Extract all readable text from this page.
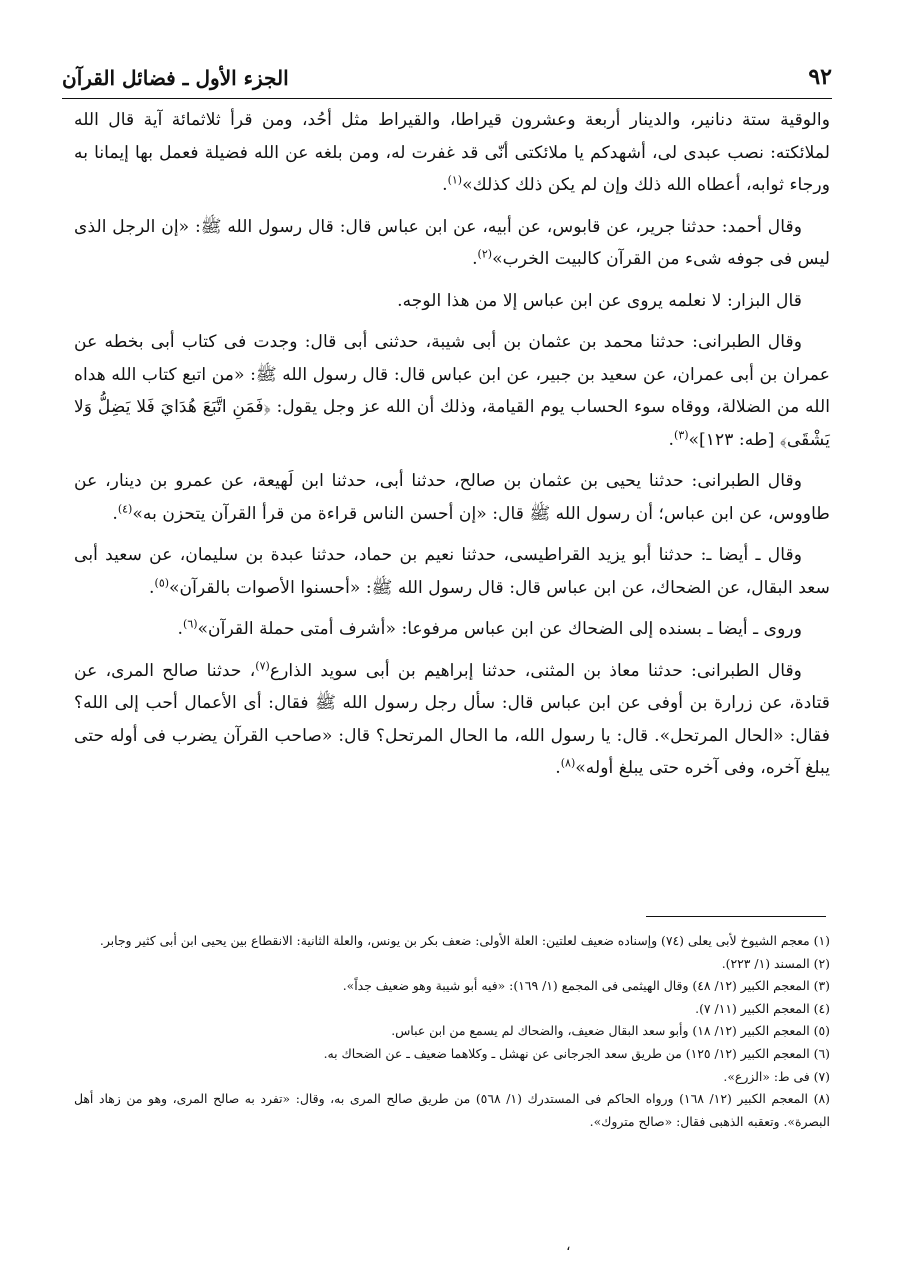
٩٢
الجزء الأول ـ فضائل القرآن

والوقية ستة دنانير، والدينار أربعة وعشرون قيراطا، والقيراط مثل أحُد، ومن قرأ ثلاثمائة آية قال الله لملائكته: نصب عبدى لى، أشهدكم يا ملائكتى أنّى قد غفرت له، ومن بلغه عن الله فضيلة فعمل بها إيمانا به ورجاء ثوابه، أعطاه الله ذلك وإن لم يكن ذلك كذلك»$^{(١)}$.

وقال أحمد: حدثنا جرير، عن قابوس، عن أبيه، عن ابن عباس قال: قال رسول الله ﷺ: «إن الرجل الذى ليس فى جوفه شىء من القرآن كالبيت الخرب»$^{(٢)}$.

قال البزار: لا نعلمه يروى عن ابن عباس إلا من هذا الوجه.

وقال الطبرانى: حدثنا محمد بن عثمان بن أبى شيبة، حدثنى أبى قال: وجدت فى كتاب أبى بخطه عن عمران بن أبى عمران، عن سعيد بن جبير، عن ابن عباس قال: قال رسول الله ﷺ: «من اتبع كتاب الله هداه الله من الضلالة، ووقاه سوء الحساب يوم القيامة، وذلك أن الله عز وجل يقول: ﴿فَمَنِ اتَّبَعَ هُدَايَ فَلا يَضِلُّ وَلا يَشْقَى﴾ [طه: ١٢٣]»$^{(٣)}$.

وقال الطبرانى: حدثنا يحيى بن عثمان بن صالح، حدثنا أبى، حدثنا ابن لَهيعة، عن عمرو بن دينار، عن طاووس، عن ابن عباس؛ أن رسول الله ﷺ قال: «إن أحسن الناس قراءة من قرأ القرآن يتحزن به»$^{(٤)}$.

وقال ـ أيضا ـ: حدثنا أبو يزيد القراطيسى، حدثنا نعيم بن حماد، حدثنا عبدة بن سليمان، عن سعيد أبى سعد البقال، عن الضحاك، عن ابن عباس قال: قال رسول الله ﷺ: «أحسنوا الأصوات بالقرآن»$^{(٥)}$.

وروى ـ أيضا ـ بسنده إلى الضحاك عن ابن عباس مرفوعا: «أشرف أمتى حملة القرآن»$^{(٦)}$.

وقال الطبرانى: حدثنا معاذ بن المثنى، حدثنا إبراهيم بن أبى سويد الذارع$^{(٧)}$، حدثنا صالح المرى، عن قتادة، عن زرارة بن أوفى عن ابن عباس قال: سأل رجل رسول الله ﷺ فقال: أى الأعمال أحب إلى الله؟ فقال: «الحال المرتحل». قال: يا رسول الله، ما الحال المرتحل؟ قال: «صاحب القرآن يضرب فى أوله حتى يبلغ آخره، وفى آخره حتى يبلغ أوله»$^{(٨)}$.

(١) معجم الشيوخ لأبى يعلى (٧٤) وإسناده ضعيف لعلتين: العلة الأولى: ضعف بكر بن يونس، والعلة الثانية: الانقطاع بين يحيى ابن أبى كثير وجابر.
(٢) المسند (١/ ٢٢٣).
(٣) المعجم الكبير (١٢/ ٤٨) وقال الهيثمى فى المجمع (١/ ١٦٩): «فيه أبو شيبة وهو ضعيف جداً».
(٤) المعجم الكبير (١١/ ٧).
(٥) المعجم الكبير (١٢/ ١٨) وأبو سعد البقال ضعيف، والضحاك لم يسمع من ابن عباس.
(٦) المعجم الكبير (١٢/ ١٢٥) من طريق سعد الجرجانى عن نهشل ـ وكلاهما ضعيف ـ عن الضحاك به.
(٧) فى ط: «الزرع».
(٨) المعجم الكبير (١٢/ ١٦٨) ورواه الحاكم فى المستدرك (١/ ٥٦٨) من طريق صالح المرى به، وقال: «تفرد به صالح المرى، وهو من زهاد أهل البصرة». وتعقبه الذهبى فقال: «صالح متروك».
،
